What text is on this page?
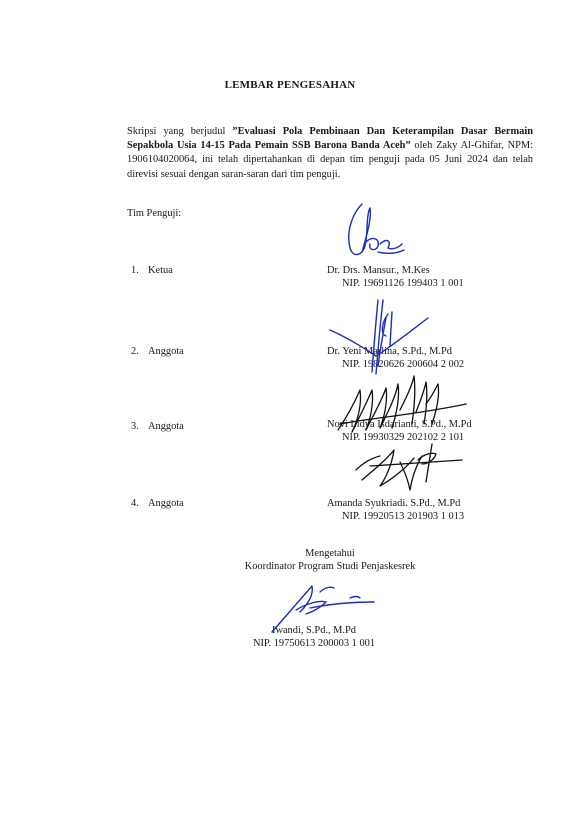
LEMBAR PENGESAHAN
Skripsi yang berjudul ”Evaluasi Pola Pembinaan Dan Keterampilan Dasar Bermain Sepakbola Usia 14-15 Pada Pemain SSB Barona Banda Aceh” oleh Zaky Al-Ghifar, NPM: 1906104020064, ini telah dipertahankan di depan tim penguji pada 05 Juni 2024 dan telah direvisi sesuai dengan saran-saran dari tim penguji.
Tim Penguji:
1. Ketua	Dr. Drs. Mansur., M.Kes
NIP. 19691126 199403 1 001
2. Anggota	Dr. Yeni Marlina, S.Pd., M.Pd
NIP. 19820626 200604 2 002
3. Anggota	Novi Lidya Isdarianti, S.Pd., M.Pd
NIP. 19930329 202102 2 101
4. Anggota	Amanda Syukriadi. S.Pd., M.Pd
NIP. 19920513 201903 1 013
Mengetahui
Koordinator Program Studi Penjaskesrek
Iwandi, S.Pd., M.Pd
NIP. 19750613 200003 1 001
